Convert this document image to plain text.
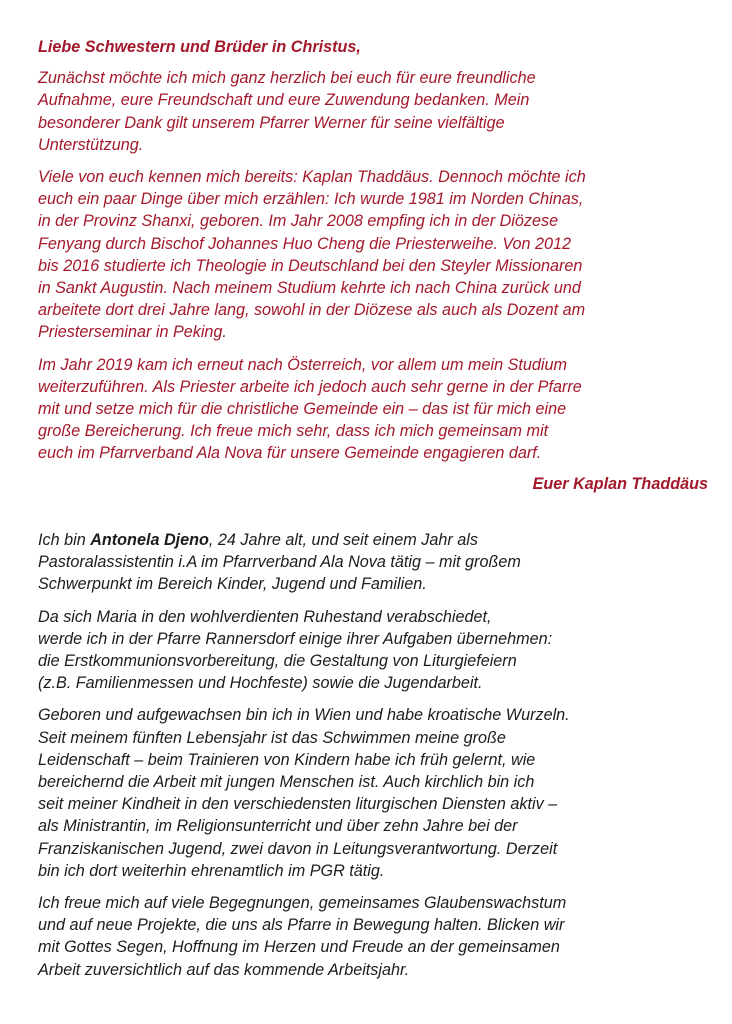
Liebe Schwestern und Brüder in Christus,

Zunächst möchte ich mich ganz herzlich bei euch für eure freundliche
Aufnahme, eure Freundschaft und eure Zuwendung bedanken. Mein
besonderer Dank gilt unserem Pfarrer Werner für seine vielfältige
Unterstützung.

Viele von euch kennen mich bereits: Kaplan Thaddäus. Dennoch möchte ich
euch ein paar Dinge über mich erzählen: Ich wurde 1981 im Norden Chinas,
in der Provinz Shanxi, geboren. Im Jahr 2008 empfing ich in der Diözese
Fenyang durch Bischof Johannes Huo Cheng die Priesterweihe. Von 2012
bis 2016 studierte ich Theologie in Deutschland bei den Steyler Missionaren
in Sankt Augustin. Nach meinem Studium kehrte ich nach China zurück und
arbeitete dort drei Jahre lang, sowohl in der Diözese als auch als Dozent am
Priesterseminar in Peking.

Im Jahr 2019 kam ich erneut nach Österreich, vor allem um mein Studium
weiterzuführen. Als Priester arbeite ich jedoch auch sehr gerne in der Pfarre
mit und setze mich für die christliche Gemeinde ein – das ist für mich eine
große Bereicherung. Ich freue mich sehr, dass ich mich gemeinsam mit
euch im Pfarrverband Ala Nova für unsere Gemeinde engagieren darf.

Euer Kaplan Thaddäus

Ich bin Antonela Djeno, 24 Jahre alt, und seit einem Jahr als
Pastoralassistentin i.A im Pfarrverband Ala Nova tätig – mit großem
Schwerpunkt im Bereich Kinder, Jugend und Familien.

Da sich Maria in den wohlverdienten Ruhestand verabschiedet,
werde ich in der Pfarre Rannersdorf einige ihrer Aufgaben übernehmen:
die Erstkommunionsvorbereitung, die Gestaltung von Liturgiefeiern
(z.B. Familienmessen und Hochfeste) sowie die Jugendarbeit.

Geboren und aufgewachsen bin ich in Wien und habe kroatische Wurzeln.
Seit meinem fünften Lebensjahr ist das Schwimmen meine große
Leidenschaft – beim Trainieren von Kindern habe ich früh gelernt, wie
bereichernd die Arbeit mit jungen Menschen ist. Auch kirchlich bin ich
seit meiner Kindheit in den verschiedensten liturgischen Diensten aktiv –
als Ministrantin, im Religionsunterricht und über zehn Jahre bei der
Franziskanischen Jugend, zwei davon in Leitungsverantwortung. Derzeit
bin ich dort weiterhin ehrenamtlich im PGR tätig.

Ich freue mich auf viele Begegnungen, gemeinsames Glaubenswachstum
und auf neue Projekte, die uns als Pfarre in Bewegung halten. Blicken wir
mit Gottes Segen, Hoffnung im Herzen und Freude an der gemeinsamen
Arbeit zuversichtlich auf das kommende Arbeitsjahr.
